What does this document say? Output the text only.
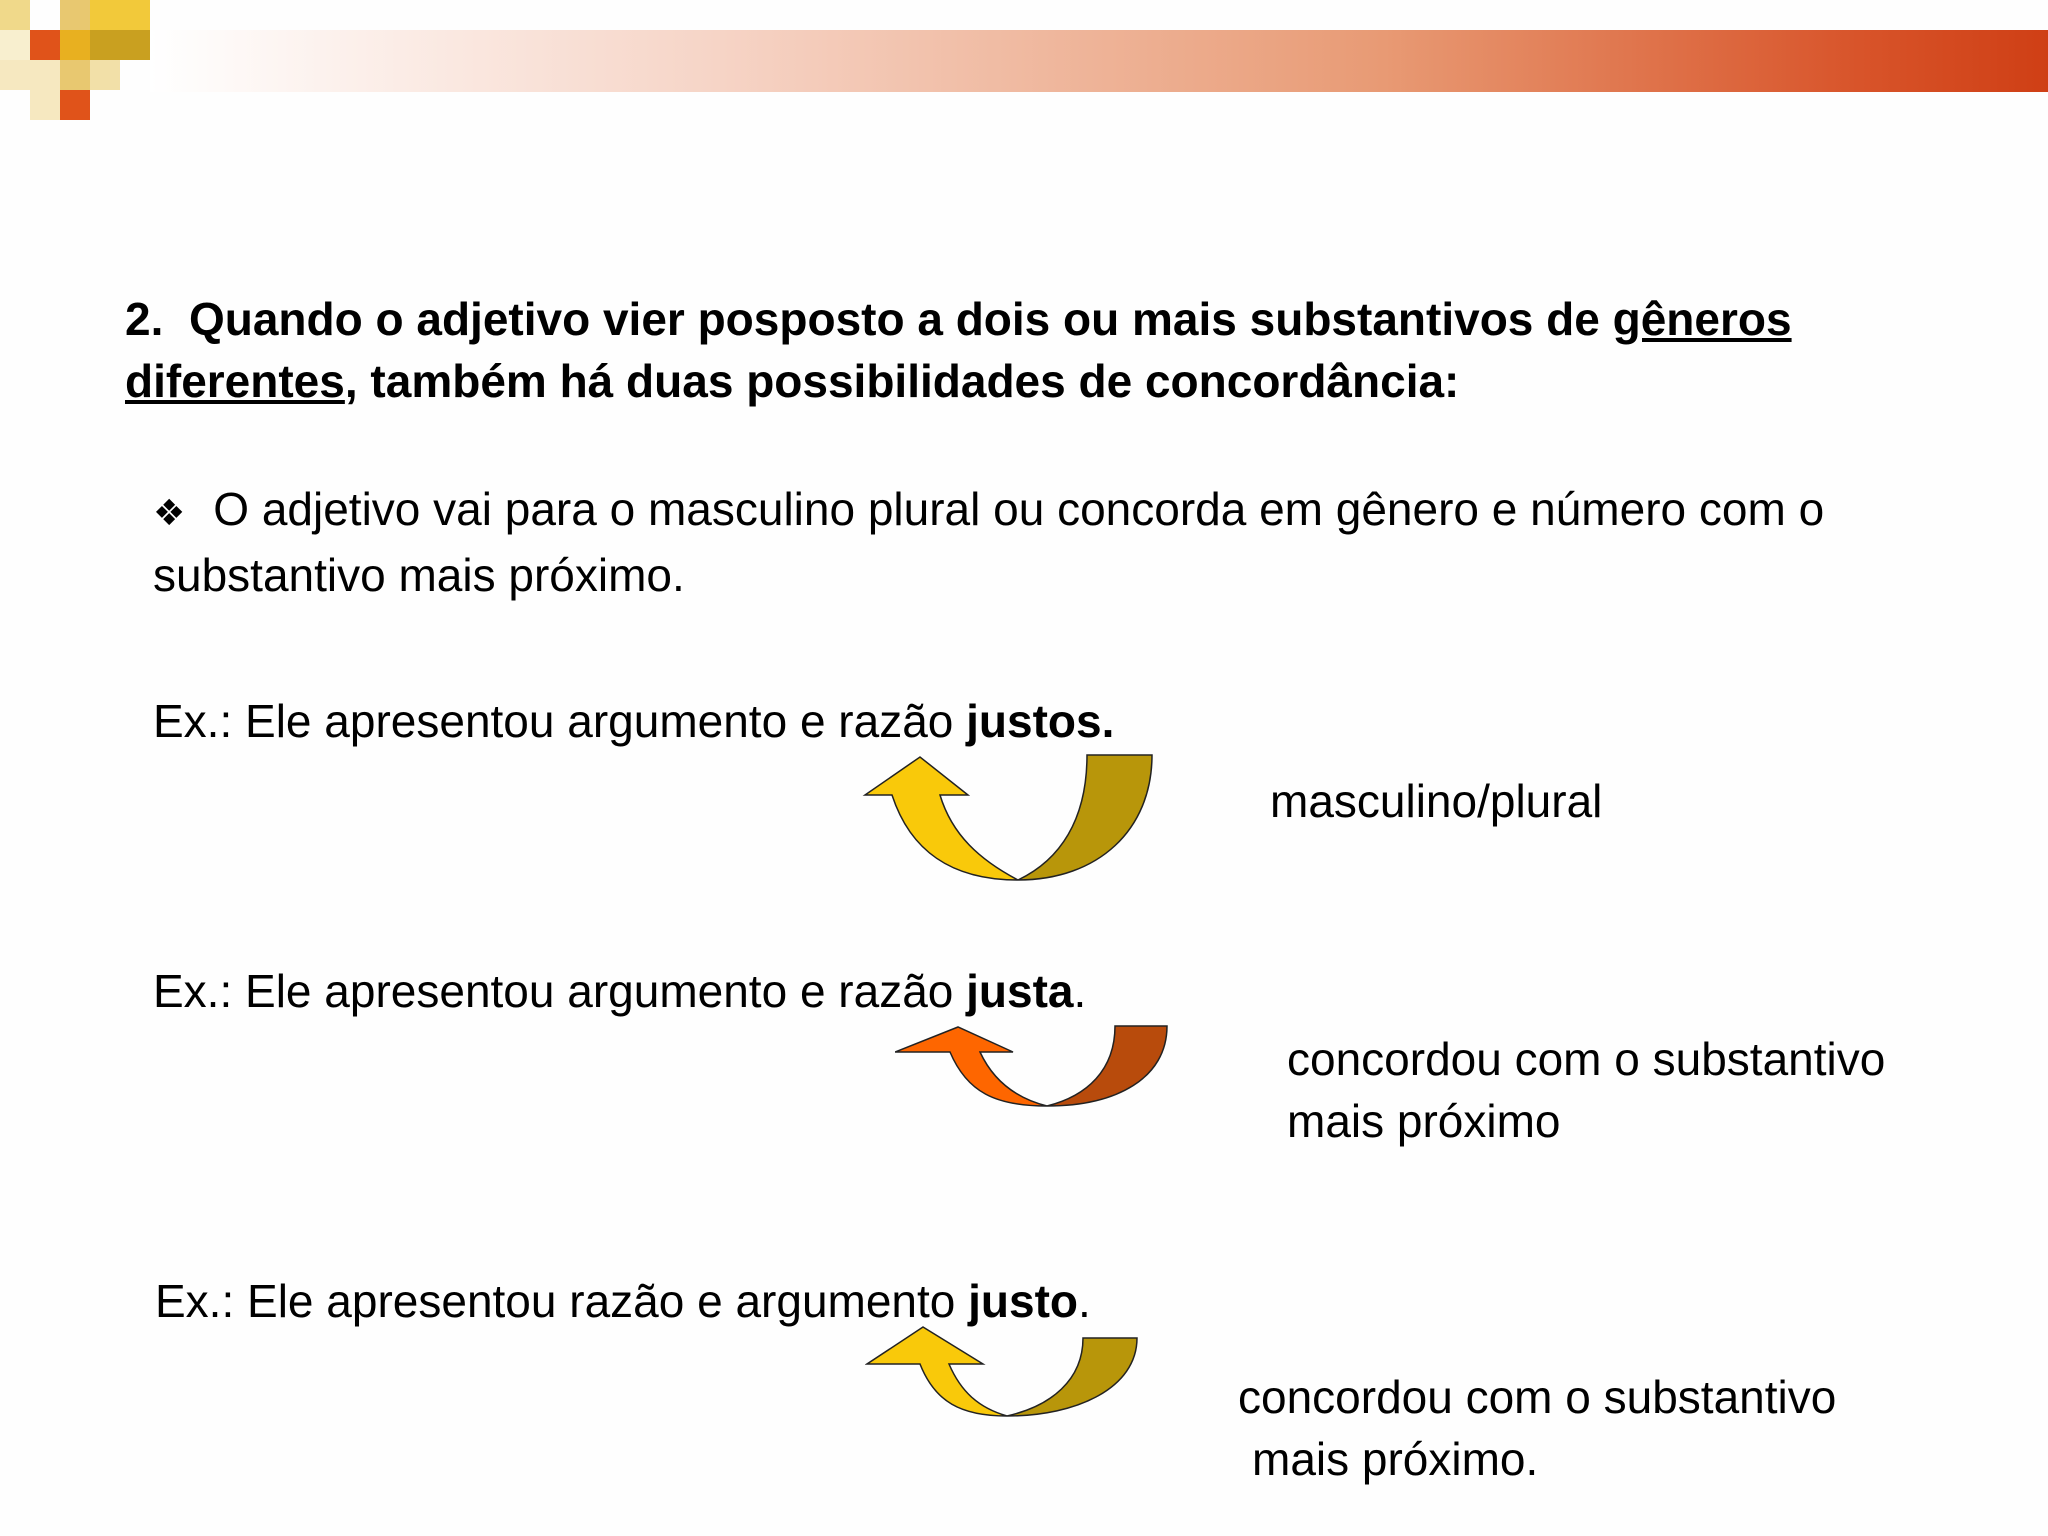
2. Quando o adjetivo vier posposto a dois ou mais substantivos de gêneros diferentes, também há duas possibilidades de concordância:
❖ O adjetivo vai para o masculino plural ou concorda em gênero e número com o substantivo mais próximo.
Ex.: Ele apresentou argumento e razão justos.
masculino/plural
Ex.: Ele apresentou argumento e razão justa.
concordou com o substantivo
mais próximo
Ex.: Ele apresentou razão e argumento justo.
concordou com o substantivo
mais próximo.
